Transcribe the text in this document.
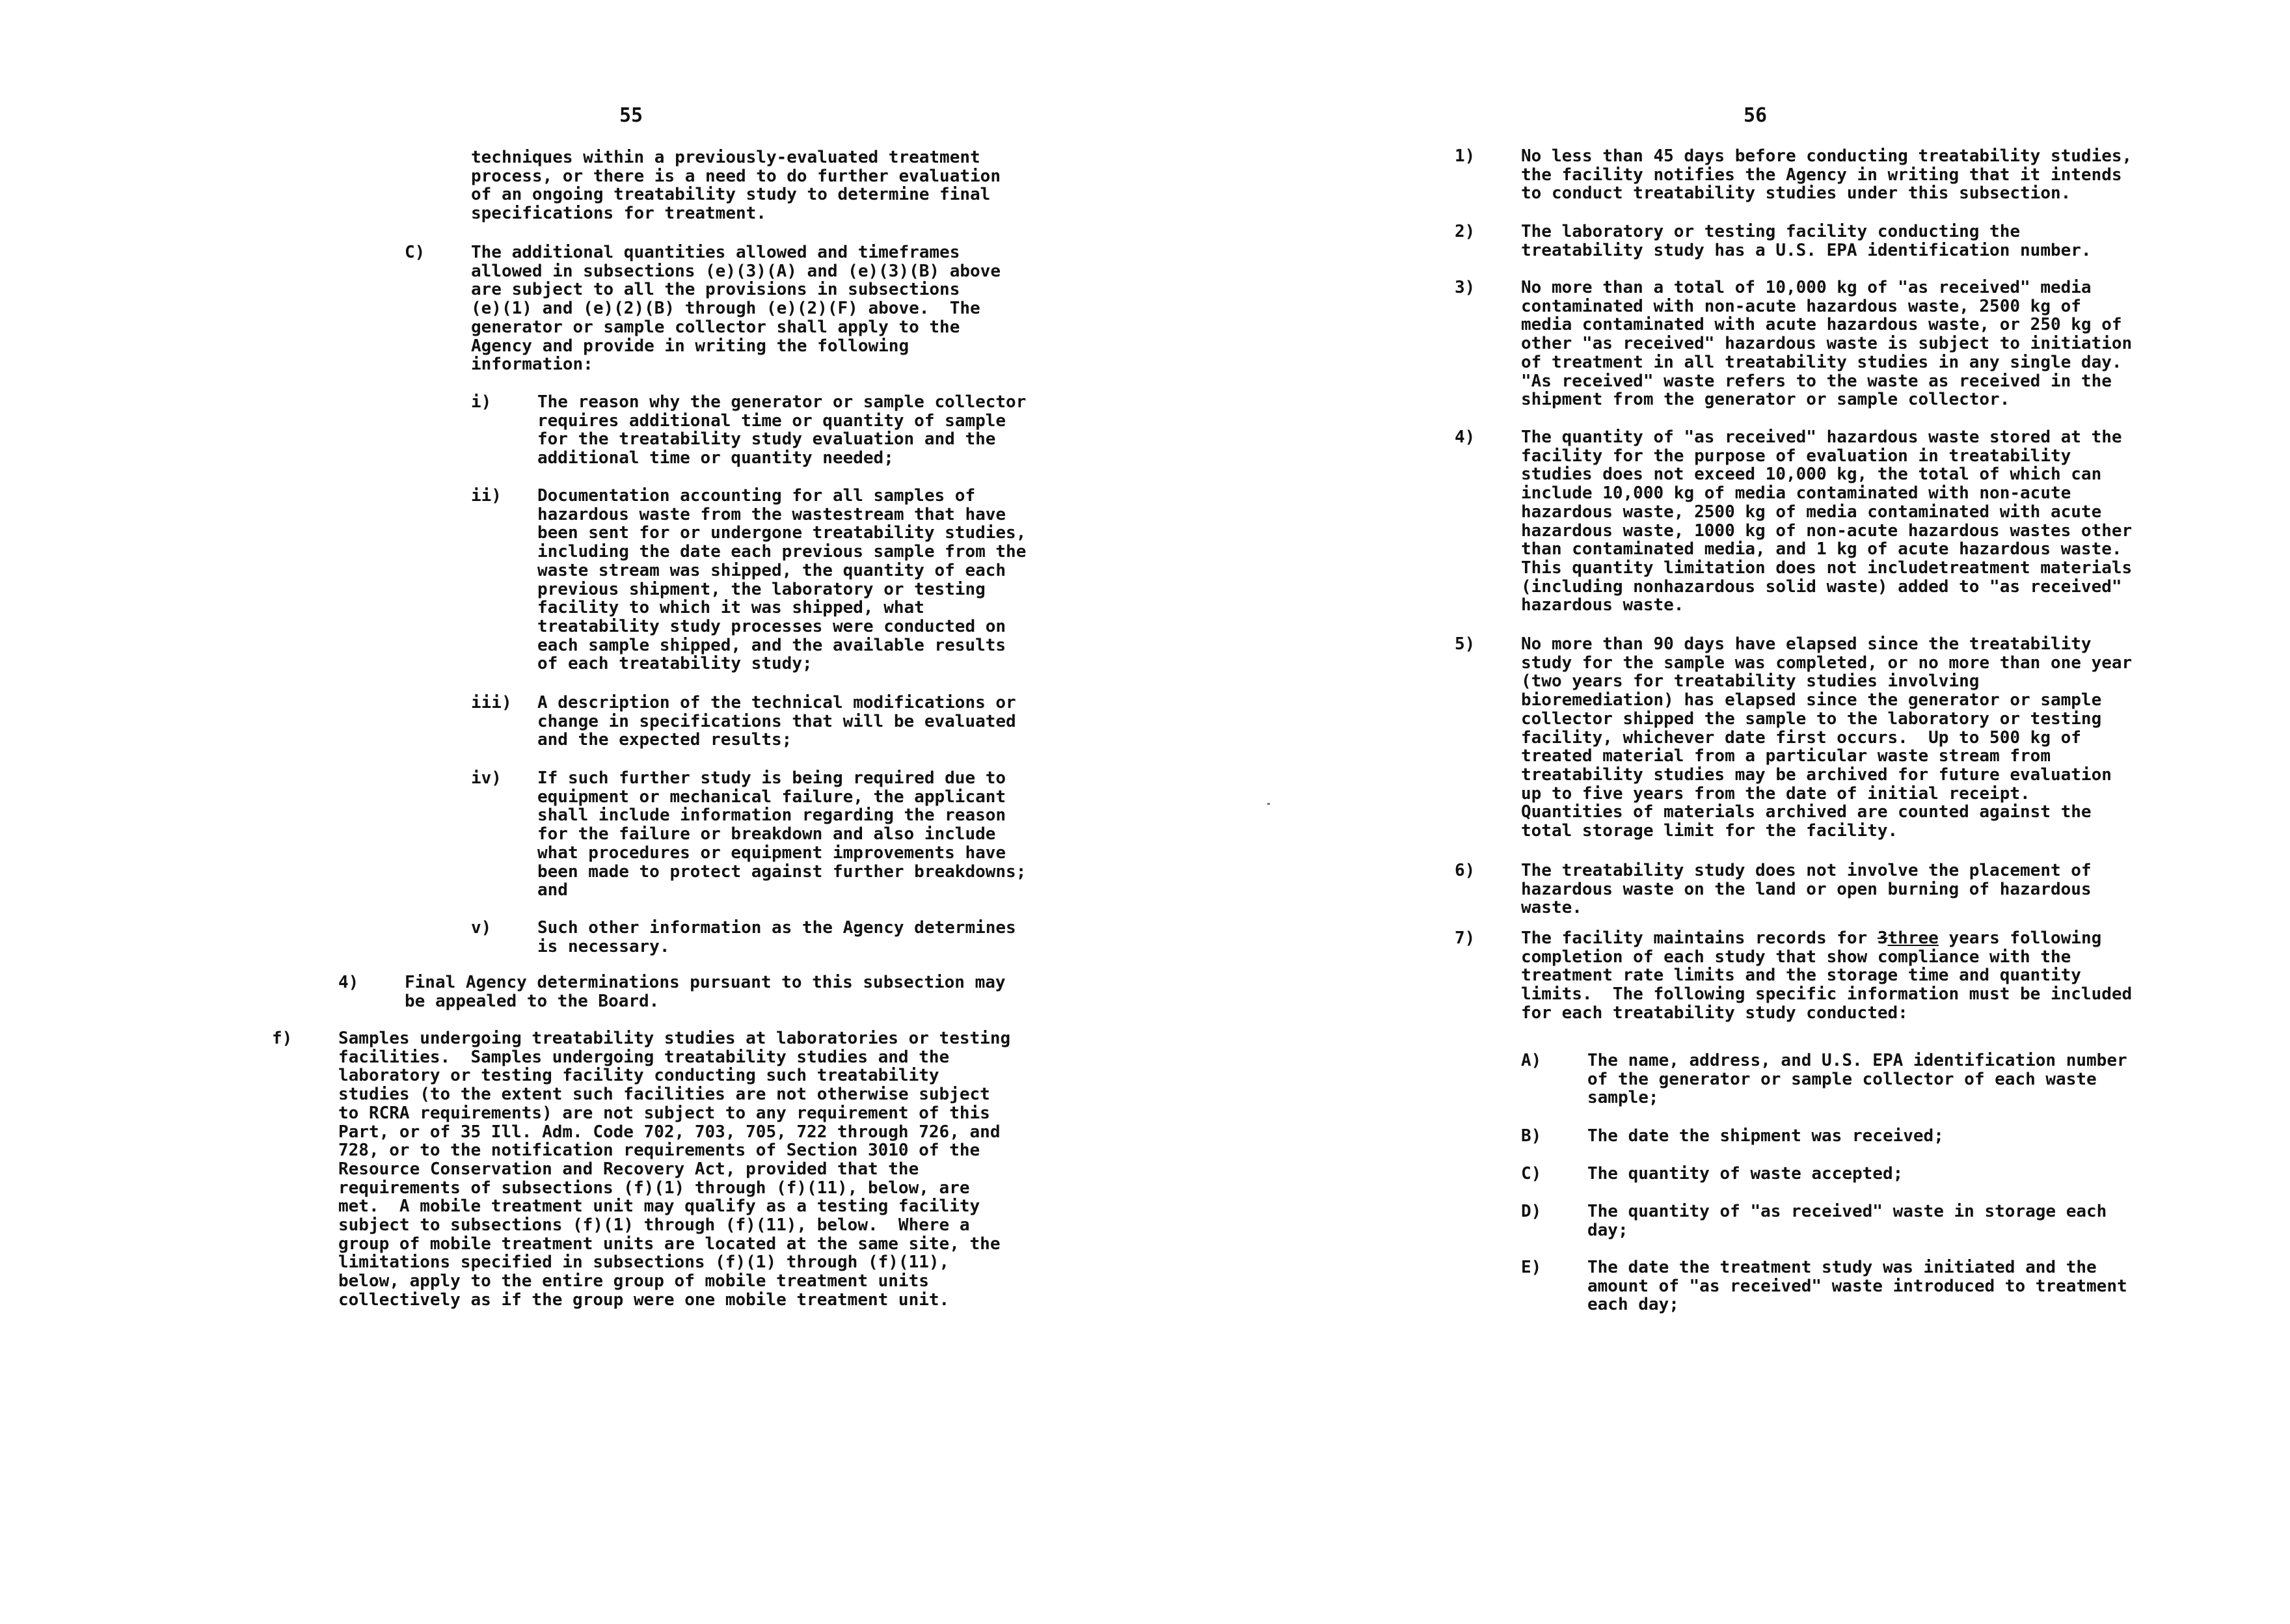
55
techniques within a previously-evaluated treatment
process, or there is a need to do further evaluation
of an ongoing treatability study to determine final
specifications for treatment.
C)	The additional quantities allowed and timeframes
allowed in subsections (e)(3)(A) and (e)(3)(B) above
are subject to all the provisions in subsections
(e)(1) and (e)(2)(B) through (e)(2)(F) above.  The
generator or sample collector shall apply to the
Agency and provide in writing the following
information:
i)	The reason why the generator or sample collector
requires additional time or quantity of sample
for the treatability study evaluation and the
additional time or quantity needed;
ii) Documentation accounting for all samples of
hazardous waste from the wastestream that have
been sent for or undergone treatability studies,
including the date each previous sample from the
waste stream was shipped, the quantity of each
previous shipment, the laboratory or testing
facility to which it was shipped, what
treatability study processes were conducted on
each sample shipped, and the available results
of each treatability study;
iii) A description of the technical modifications or
change in specifications that will be evaluated
and the expected results;
iv) If such further study is being required due to
equipment or mechanical failure, the applicant
shall include information regarding the reason
for the failure or breakdown and also include
what procedures or equipment improvements have
been made to protect against further breakdowns;
and
v)	Such other information as the Agency determines
is necessary.
4)	Final Agency determinations pursuant to this subsection may
be appealed to the Board.
f)	Samples undergoing treatability studies at laboratories or testing
facilities.  Samples undergoing treatability studies and the
laboratory or testing facility conducting such treatability
studies (to the extent such facilities are not otherwise subject
to RCRA requirements) are not subject to any requirement of this
Part, or of 35 Ill. Adm. Code 702, 703, 705, 722 through 726, and
728, or to the notification requirements of Section 3010 of the
Resource Conservation and Recovery Act, provided that the
requirements of subsections (f)(1) through (f)(11), below, are
met.  A mobile treatment unit may qualify as a testing facility
subject to subsections (f)(1) through (f)(11), below.  Where a
group of mobile treatment units are located at the same site, the
limitations specified in subsections (f)(1) through (f)(11),
below, apply to the entire group of mobile treatment units
collectively as if the group were one mobile treatment unit.
56
1)	No less than 45 days before conducting treatability studies,
the facility notifies the Agency in writing that it intends
to conduct treatability studies under this subsection.
2)	The laboratory or testing facility conducting the
treatability study has a U.S. EPA identification number.
3)	No more than a total of 10,000 kg of "as received" media
contaminated with non-acute hazardous waste, 2500 kg of
media contaminated with acute hazardous waste, or 250 kg of
other "as received" hazardous waste is subject to initiation
of treatment in all treatability studies in any single day.
"As received" waste refers to the waste as received in the
shipment from the generator or sample collector.
4)	The quantity of "as received" hazardous waste stored at the
facility for the purpose of evaluation in treatability
studies does not exceed 10,000 kg, the total of which can
include 10,000 kg of media contaminated with non-acute
hazardous waste, 2500 kg of media contaminated with acute
hazardous waste, 1000 kg of non-acute hazardous wastes other
than contaminated media, and 1 kg of acute hazardous waste.
This quantity limitation does not includetreatment materials
(including nonhazardous solid waste) added to "as received"
hazardous waste.
5)	No more than 90 days have elapsed since the treatability
study for the sample was completed, or no more than one year
(two years for treatability studies involving
bioremediation) has elapsed since the generator or sample
collector shipped the sample to the laboratory or testing
facility, whichever date first occurs.  Up to 500 kg of
treated material from a particular waste stream from
treatability studies may be archived for future evaluation
up to five years from the date of initial receipt.
Quantities of materials archived are counted against the
total storage limit for the facility.
6)	The treatability study does not involve the placement of
hazardous waste on the land or open burning of hazardous
waste.
7)	The facility maintains records for 3three years following
completion of each study that show compliance with the
treatment rate limits and the storage time and quantity
limits.  The following specific information must be included
for each treatability study conducted:
A)	The name, address, and U.S. EPA identification number
of the generator or sample collector of each waste
sample;
B)	The date the shipment was received;
C)	The quantity of waste accepted;
D)	The quantity of "as received" waste in storage each
day;
E)	The date the treatment study was initiated and the
amount of "as received" waste introduced to treatment
each day;
